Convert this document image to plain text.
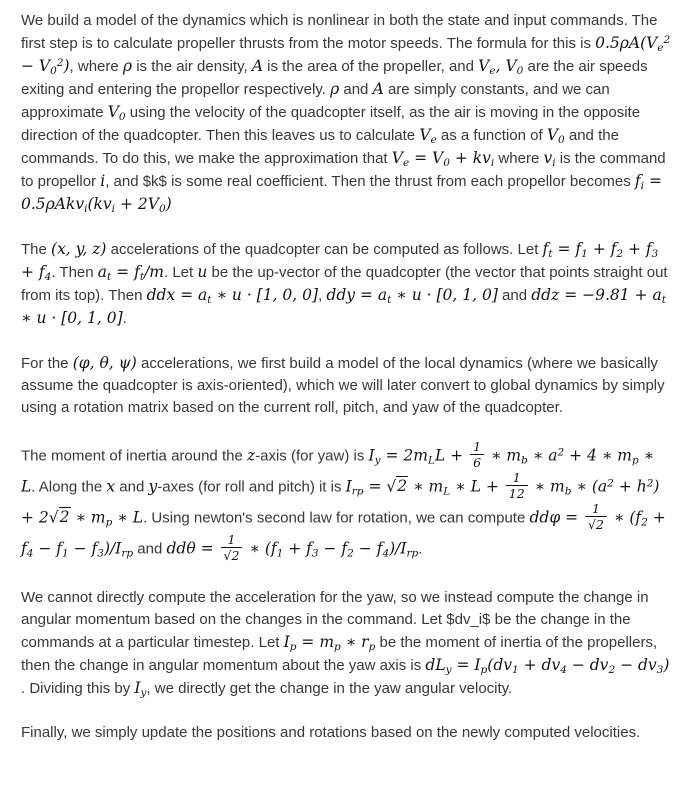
We build a model of the dynamics which is nonlinear in both the state and input commands. The first step is to calculate propeller thrusts from the motor speeds. The formula for this is $0.5\rho A(V_e^2 - V_0^2)$, where ρ is the air density, A is the area of the propeller, and $V_e$, $V_0$ are the air speeds exiting and entering the propellor respectively. ρ and A are simply constants, and we can approximate $V_0$ using the velocity of the quadcopter itself, as the air is moving in the opposite direction of the quadcopter. Then this leaves us to calculate $V_e$ as a function of $V_0$ and the commands. To do this, we make the approximation that $V_e = V_0 + kv_i$ where $v_i$ is the command to propellor i, and $k$ is some real coefficient. Then the thrust from each propellor becomes $f_i = 0.5\rho Akv_i(kv_i + 2V_0)$

The (x, y, z) accelerations of the quadcopter can be computed as follows. Let $f_t = f_1 + f_2 + f_3 + f_4$. Then $a_t = f_t/m$. Let u be the up-vector of the quadcopter (the vector that points straight out from its top). Then ddx = $a_t$ ∗ u · [1, 0, 0], ddy = $a_t$ ∗ u · [0, 1, 0] and ddz = $-9.81 + a_t$ ∗ u · [0, 1, 0].

For the (φ, θ, ψ) accelerations, we first build a model of the local dynamics (where we basically assume the quadcopter is axis-oriented), which we will later convert to global dynamics by simply using a rotation matrix based on the current roll, pitch, and yaw of the quadcopter.

The moment of inertia around the z-axis (for yaw) is $I_y = 2m_LL + \frac{1}{6}$ ∗ $m_b$ ∗ $a^2 + 4$ ∗ $m_p$ ∗ L. Along the x and y-axes (for roll and pitch) it is $I_{rp} = √2$ ∗ $m_L$ ∗ $L + \frac{1}{12}$ ∗ $m_b$ ∗ $(a^2 + h^2) + 2√2$ ∗ $m_p$ ∗ L. Using newton's second law for rotation, we can compute $dd\varphi = \frac{1}{√2}$ ∗ $(f_2 + f_4 - f_1 - f_3)/I_{rp}$ and $dd\theta = \frac{1}{√2}$ ∗ $(f_1 + f_3 - f_2 - f_4)/I_{rp}$.

We cannot directly compute the acceleration for the yaw, so we instead compute the change in angular momentum based on the changes in the command. Let $dv_i$ be the change in the commands at a particular timestep. Let $I_p = m_p$ ∗ $r_p$ be the moment of inertia of the propellers, then the change in angular momentum about the yaw axis is $dL_y = I_p(dv_1 + dv_4 - dv_2 - dv_3)$ . Dividing this by $I_y$, we directly get the change in the yaw angular velocity.

Finally, we simply update the positions and rotations based on the newly computed velocities.
